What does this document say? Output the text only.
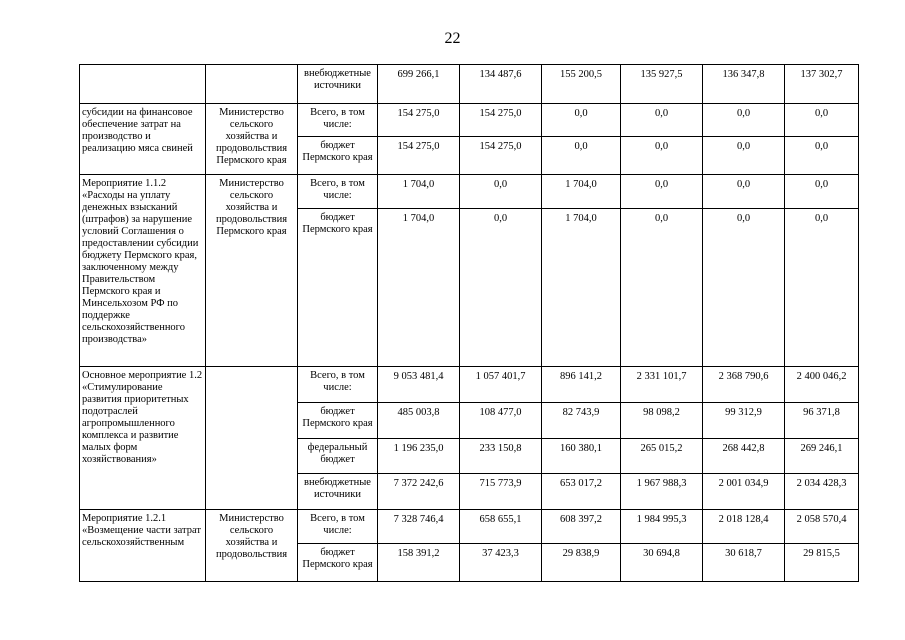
22
		внебюджетные источники	699 266,1	134 487,6	155 200,5	135 927,5	136 347,8	137 302,7
субсидии на финансовое обеспечение затрат на производство и реализацию мяса свиней	Министерство сельского хозяйства и продовольствия Пермского края	Всего, в том числе:	154 275,0	154 275,0	0,0	0,0	0,0	0,0
		бюджет Пермского края	154 275,0	154 275,0	0,0	0,0	0,0	0,0
Мероприятие 1.1.2 «Расходы на уплату денежных взысканий (штрафов) за нарушение условий Соглашения о предоставлении субсидии бюджету Пермского края, заключенному между Правительством Пермского края и Минсельхозом РФ по поддержке сельскохозяйственного производства»	Министерство сельского хозяйства и продовольствия Пермского края	Всего, в том числе:	1 704,0	0,0	1 704,0	0,0	0,0	0,0
		бюджет Пермского края	1 704,0	0,0	1 704,0	0,0	0,0	0,0
Основное мероприятие 1.2 «Стимулирование развития приоритетных подотраслей агропромышленного комплекса и развитие малых форм хозяйствования»		Всего, в том числе:	9 053 481,4	1 057 401,7	896 141,2	2 331 101,7	2 368 790,6	2 400 046,2
		бюджет Пермского края	485 003,8	108 477,0	82 743,9	98 098,2	99 312,9	96 371,8
		федеральный бюджет	1 196 235,0	233 150,8	160 380,1	265 015,2	268 442,8	269 246,1
		внебюджетные источники	7 372 242,6	715 773,9	653 017,2	1 967 988,3	2 001 034,9	2 034 428,3
Мероприятие 1.2.1 «Возмещение части затрат сельскохозяйственным	Министерство сельского хозяйства и продовольствия	Всего, в том числе:	7 328 746,4	658 655,1	608 397,2	1 984 995,3	2 018 128,4	2 058 570,4
		бюджет Пермского края	158 391,2	37 423,3	29 838,9	30 694,8	30 618,7	29 815,5
